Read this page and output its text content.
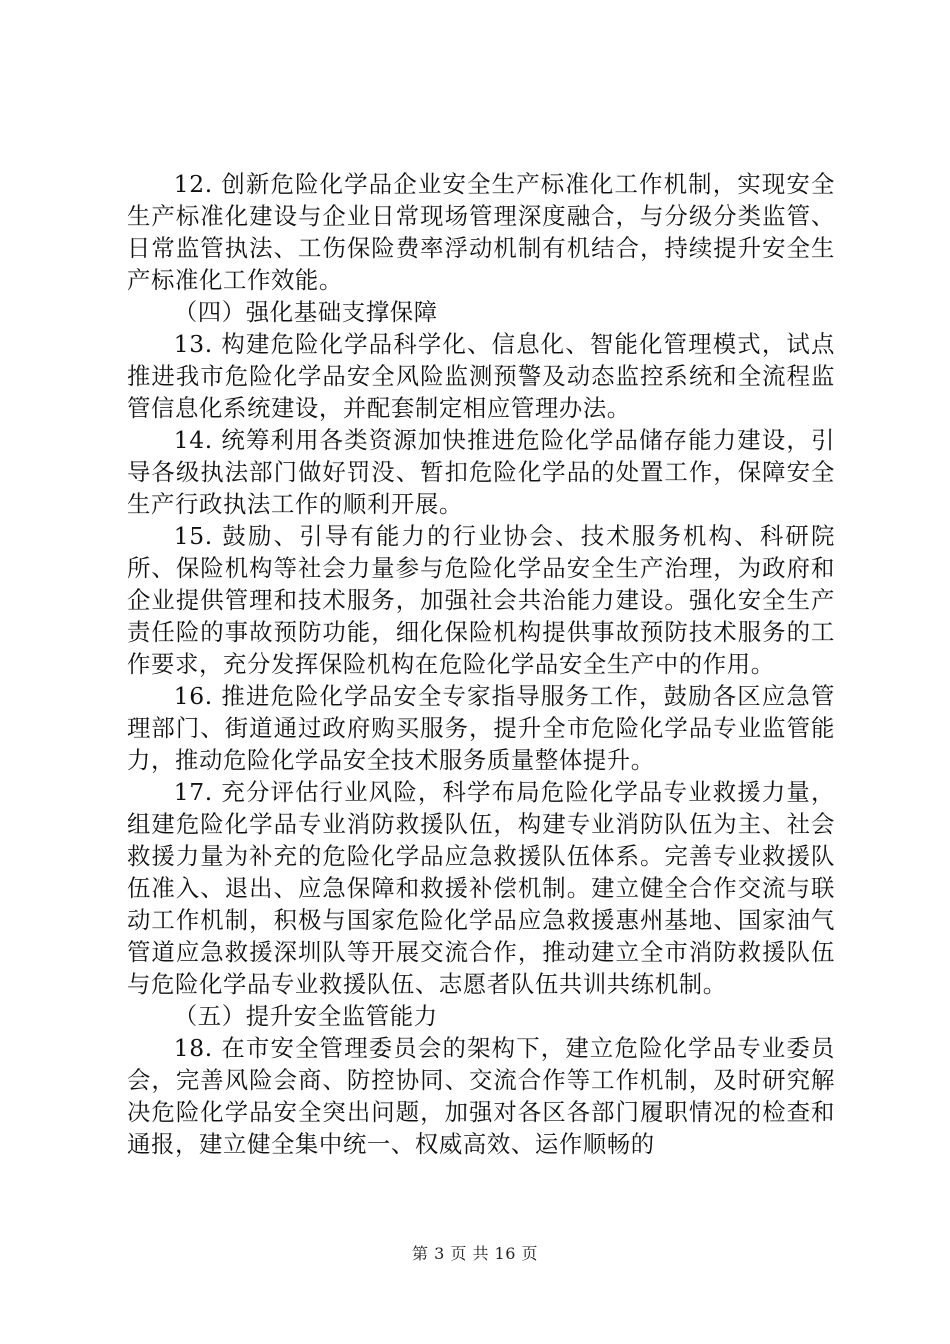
12. 创新危险化学品企业安全生产标准化工作机制，实现安全生产标准化建设与企业日常现场管理深度融合，与分级分类监管、日常监管执法、工伤保险费率浮动机制有机结合，持续提升安全生产标准化工作效能。

（四）强化基础支撑保障

13. 构建危险化学品科学化、信息化、智能化管理模式，试点推进我市危险化学品安全风险监测预警及动态监控系统和全流程监管信息化系统建设，并配套制定相应管理办法。

14. 统筹利用各类资源加快推进危险化学品储存能力建设，引导各级执法部门做好罚没、暂扣危险化学品的处置工作，保障安全生产行政执法工作的顺利开展。

15. 鼓励、引导有能力的行业协会、技术服务机构、科研院所、保险机构等社会力量参与危险化学品安全生产治理，为政府和企业提供管理和技术服务，加强社会共治能力建设。强化安全生产责任险的事故预防功能，细化保险机构提供事故预防技术服务的工作要求，充分发挥保险机构在危险化学品安全生产中的作用。

16. 推进危险化学品安全专家指导服务工作，鼓励各区应急管理部门、街道通过政府购买服务，提升全市危险化学品专业监管能力，推动危险化学品安全技术服务质量整体提升。

17. 充分评估行业风险，科学布局危险化学品专业救援力量，组建危险化学品专业消防救援队伍，构建专业消防队伍为主、社会救援力量为补充的危险化学品应急救援队伍体系。完善专业救援队伍准入、退出、应急保障和救援补偿机制。建立健全合作交流与联动工作机制，积极与国家危险化学品应急救援惠州基地、国家油气管道应急救援深圳队等开展交流合作，推动建立全市消防救援队伍与危险化学品专业救援队伍、志愿者队伍共训共练机制。

（五）提升安全监管能力

18. 在市安全管理委员会的架构下，建立危险化学品专业委员会，完善风险会商、防控协同、交流合作等工作机制，及时研究解决危险化学品安全突出问题，加强对各区各部门履职情况的检查和通报，建立健全集中统一、权威高效、运作顺畅的

第 3 页 共 16 页
